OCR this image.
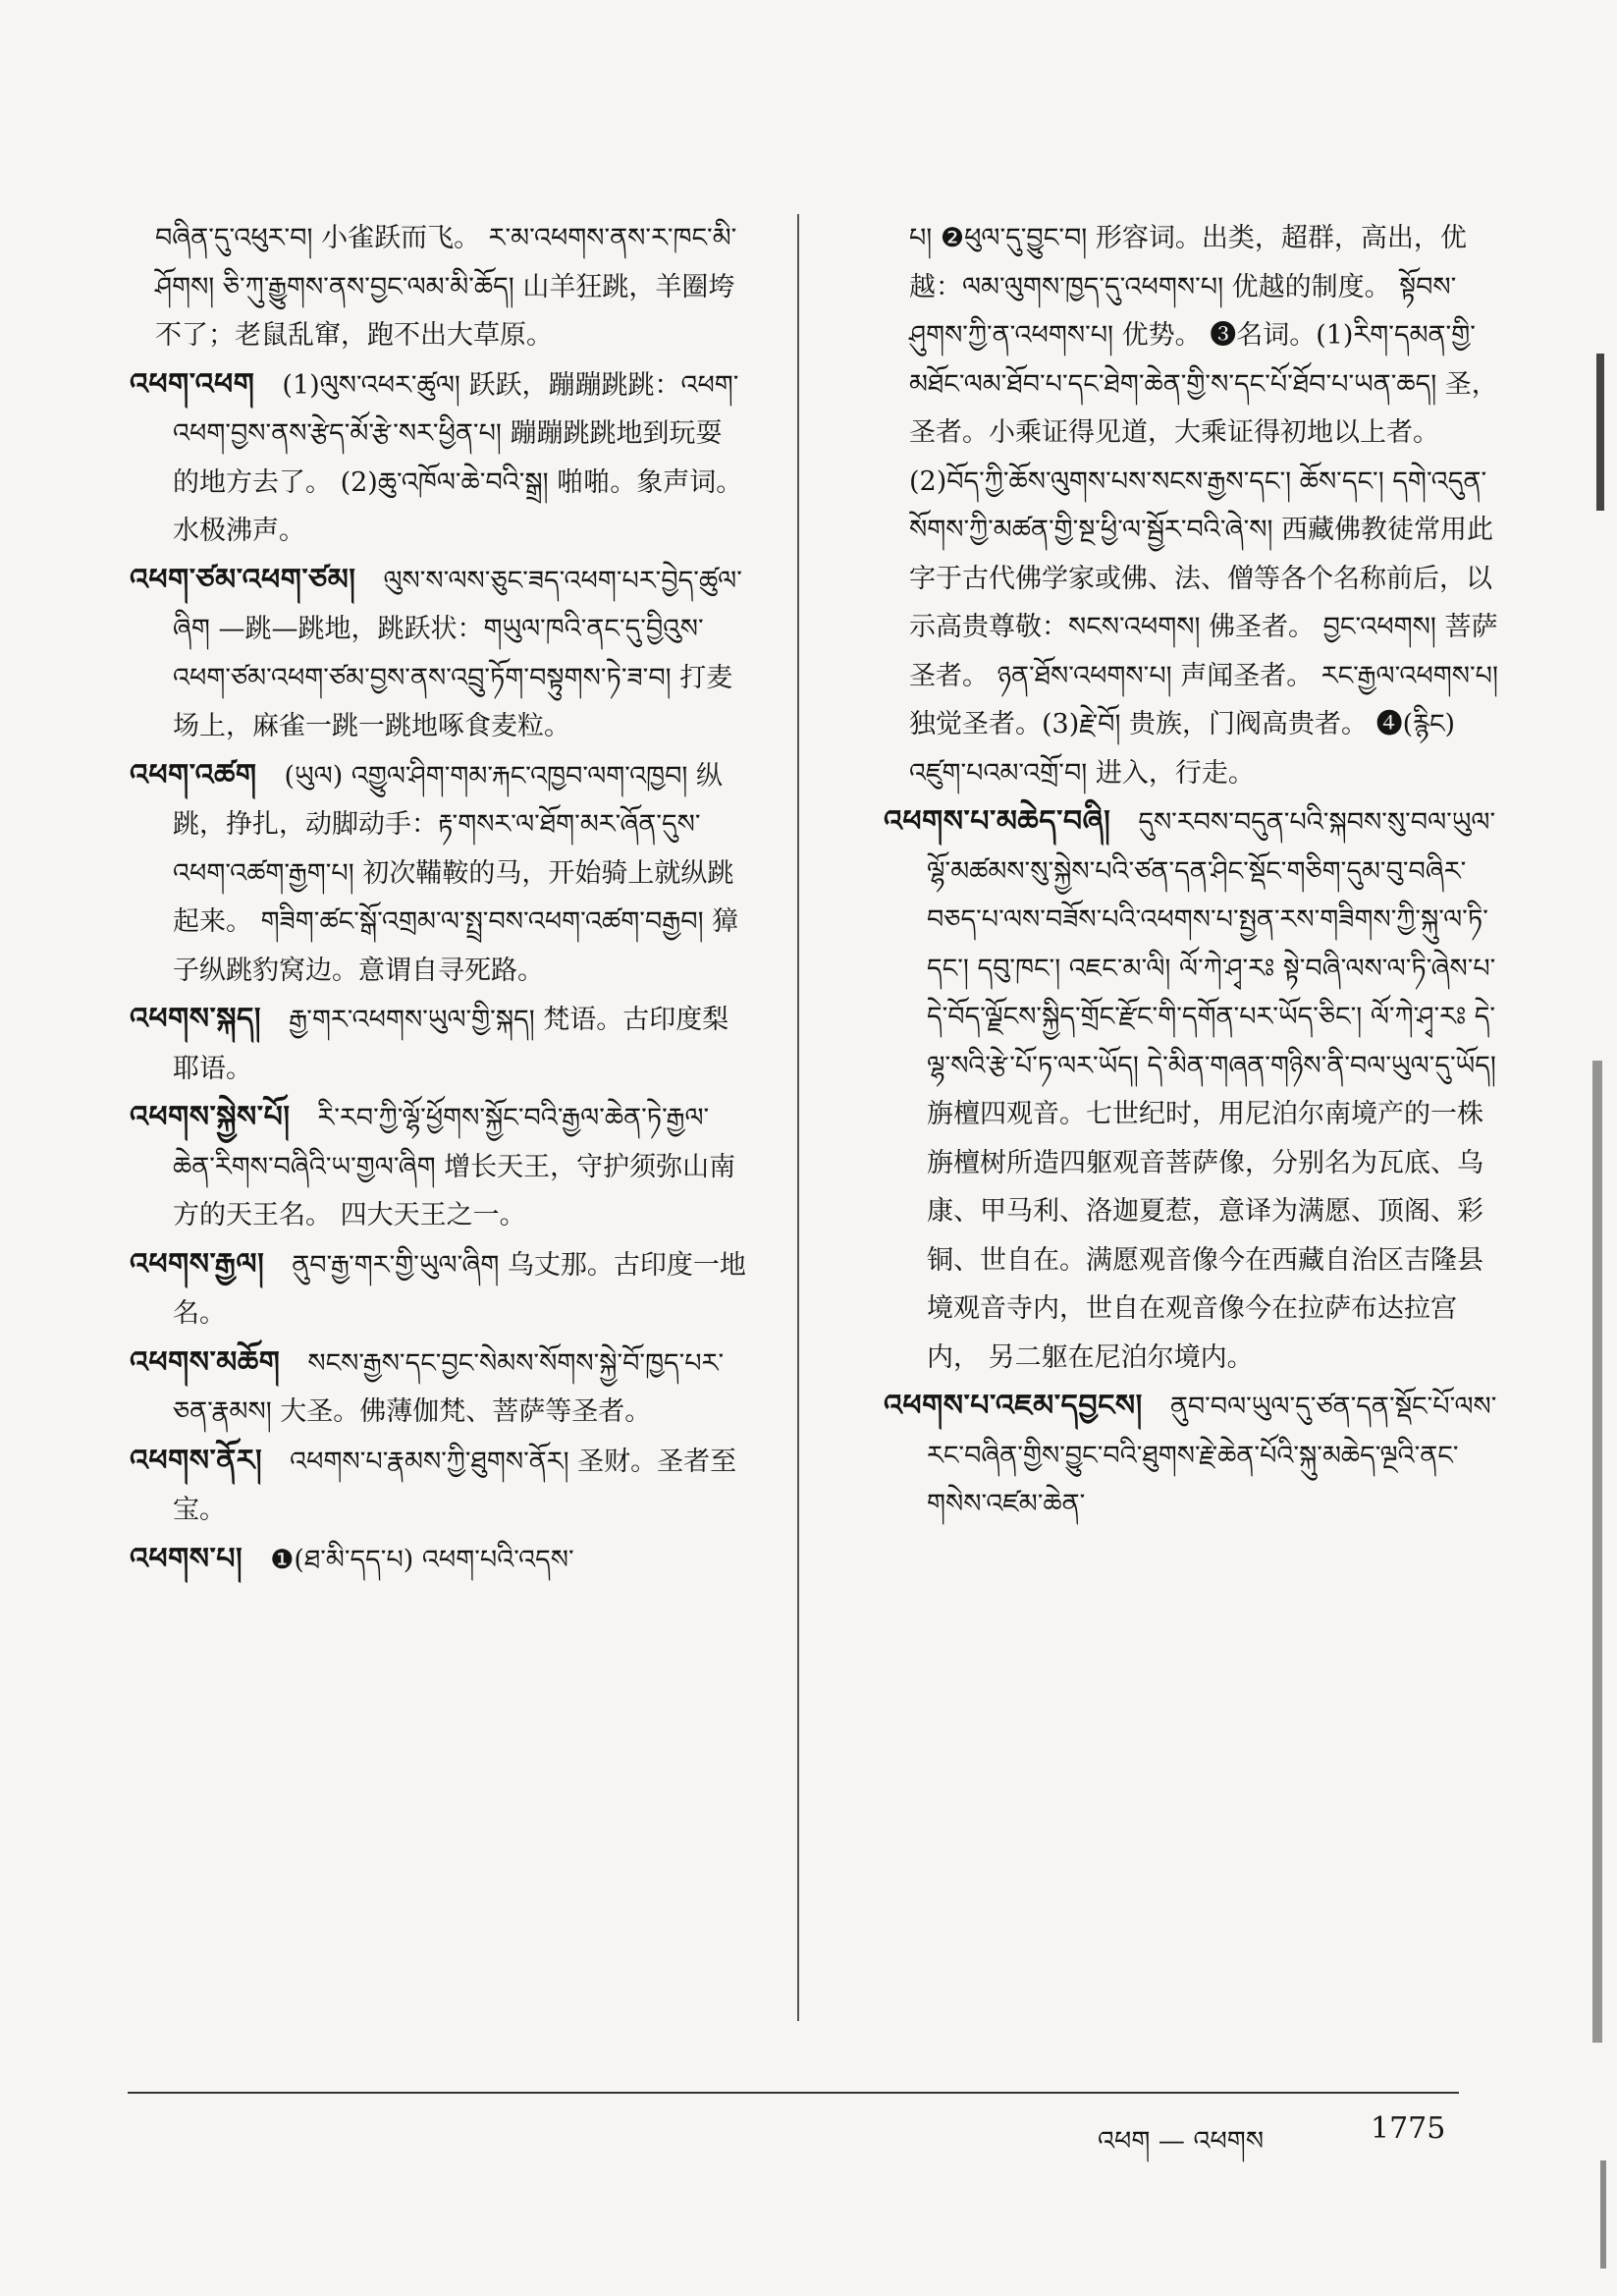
བཞིན་དུ་འཕུར་བ། 小雀跃而飞。 ར་མ་འཕགས་ནས་ར་ཁང་མི་ཤོགས། ཅི་ཀུ་རྒྱུགས་ནས་བྱང་ལམ་མི་ཆོད། 山羊狂跳，羊圈垮不了；老鼠乱窜，跑不出大草原。

འཕག་འཕག (1)ལུས་འཕར་ཚུལ། 跃跃，蹦蹦跳跳：འཕག་འཕག་བྱས་ནས་རྩེད་མོ་རྩེ་སར་ཕྱིན་པ། 蹦蹦跳跳地到玩耍的地方去了。 (2)ཆུ་འཁོལ་ཆེ་བའི་སྒྲ། 啪啪。象声词。水极沸声。

འཕག་ཙམ་འཕག་ཙམ། ལུས་ས་ལས་ཅུང་ཟད་འཕག་པར་བྱེད་ཚུལ་ཞིག —跳—跳地，跳跃状：གཡུལ་ཁའི་ནང་དུ་བྱིའུས་འཕག་ཙམ་འཕག་ཙམ་བྱས་ནས་འབྲུ་ཏོག་བསྟུགས་ཏེ་ཟ་བ། 打麦场上，麻雀一跳一跳地啄食麦粒。

འཕག་འཚག (ཡུལ) འགྱུལ་ཤིག་གམ་རྐང་འཁྱབ་ལག་འཁྱབ། 纵跳，挣扎，动脚动手：རྟ་གསར་ལ་ཐོག་མར་ཞོན་དུས་འཕག་འཚག་རྒྱག་པ། 初次鞴鞍的马，开始骑上就纵跳起来。 གཟིག་ཚང་སྒོ་འགྲམ་ལ་སྤྲ་བས་འཕག་འཚག་བརྒྱབ། 獐子纵跳豹窝边。意谓自寻死路。

འཕགས་སྐད། རྒྱ་གར་འཕགས་ཡུལ་གྱི་སྐད། 梵语。古印度梨耶语。

འཕགས་སྐྱེས་པོ། རི་རབ་ཀྱི་ལྷོ་ཕྱོགས་སྐྱོང་བའི་རྒྱལ་ཆེན་ཏེ་རྒྱལ་ཆེན་རིགས་བཞིའི་ཡ་གྱལ་ཞིག 增长天王，守护须弥山南方的天王名。 四大天王之一。

འཕགས་རྒྱལ། ནུབ་རྒྱ་གར་གྱི་ཡུལ་ཞིག 乌丈那。古印度一地名。

འཕགས་མཆོག སངས་རྒྱས་དང་བྱང་སེམས་སོགས་སྐྱེ་བོ་ཁྱད་པར་ཅན་རྣམས། 大圣。佛薄伽梵、菩萨等圣者。

འཕགས་ནོར། འཕགས་པ་རྣམས་ཀྱི་ཐུགས་ནོར། 圣财。圣者至宝。

འཕགས་པ། ❶(ཐ་མི་དད་པ) འཕག་པའི་འདས་

པ། ❷ཕུལ་དུ་བྱུང་བ། 形容词。出类，超群，高出，优越：ལམ་ལུགས་ཁྱད་དུ་འཕགས་པ། 优越的制度。 སྟོབས་ཤུགས་ཀྱི་ན་འཕགས་པ། 优势。 ❸名词。(1)རིག་དམན་གྱི་མཐོང་ལམ་ཐོབ་པ་དང་ཐེག་ཆེན་གྱི་ས་དང་པོ་ཐོབ་པ་ཡན་ཆད། 圣，圣者。小乘证得见道，大乘证得初地以上者。(2)བོད་ཀྱི་ཆོས་ལུགས་པས་སངས་རྒྱས་དང་། ཆོས་དང་། དགེ་འདུན་སོགས་ཀྱི་མཚན་གྱི་སྔ་ཕྱི་ལ་སྦྱོར་བའི་ཞེ་ས། 西藏佛教徒常用此字于古代佛学家或佛、法、僧等各个名称前后，以示高贵尊敬：སངས་འཕགས། 佛圣者。 བྱང་འཕགས། 菩萨圣者。 ཉན་ཐོས་འཕགས་པ། 声闻圣者。 རང་རྒྱལ་འཕགས་པ། 独觉圣者。(3)རྗེ་བོ། 贵族，门阀高贵者。 ❹(རྙིང) འཛུག་པའམ་འགྲོ་བ། 进入，行走。

འཕགས་པ་མཆེད་བཞི། དུས་རབས་བདུན་པའི་སྐབས་སུ་བལ་ཡུལ་ལྷོ་མཚམས་སུ་སྐྱེས་པའི་ཙན་དན་ཤིང་སྡོང་གཅིག་དུམ་བུ་བཞིར་བཅད་པ་ལས་བཟོས་པའི་འཕགས་པ་སྤྱན་རས་གཟིགས་ཀྱི་སྐུ་ལ་ཏི་དང་། དབུ་ཁང་། འཇང་མ་ལི། ལོ་ཀེ་ཤྭ་རཿ སྟེ་བཞི་ལས་ལ་ཏི་ཞེས་པ་དེ་བོད་ལྗོངས་སྐྱིད་གྲོང་རྫོང་གི་དགོན་པར་ཡོད་ཅིང་། ལོ་ཀེ་ཤྭ་རཿ དེ་ལྷ་སའི་རྩེ་པོ་ཏ་ལར་ཡོད། དེ་མིན་གཞན་གཉིས་ནི་བལ་ཡུལ་དུ་ཡོད། 旃檀四观音。七世纪时，用尼泊尔南境产的一株旃檀树所造四躯观音菩萨像，分别名为瓦底、乌康、甲马利、洛迦夏惹，意译为满愿、顶阁、彩铜、世自在。满愿观音像今在西藏自治区吉隆县境观音寺内，世自在观音像今在拉萨布达拉宫内， 另二躯在尼泊尔境内。

འཕགས་པ་འཇམ་དབྱངས། ནུབ་བལ་ཡུལ་དུ་ཙན་དན་སྡོང་པོ་ལས་རང་བཞིན་གྱིས་བྱུང་བའི་ཐུགས་རྗེ་ཆེན་པོའི་སྐུ་མཆེད་ལྔའི་ནང་གསེས་འཛམ་ཆེན་

འཕག — འཕགས	1775
